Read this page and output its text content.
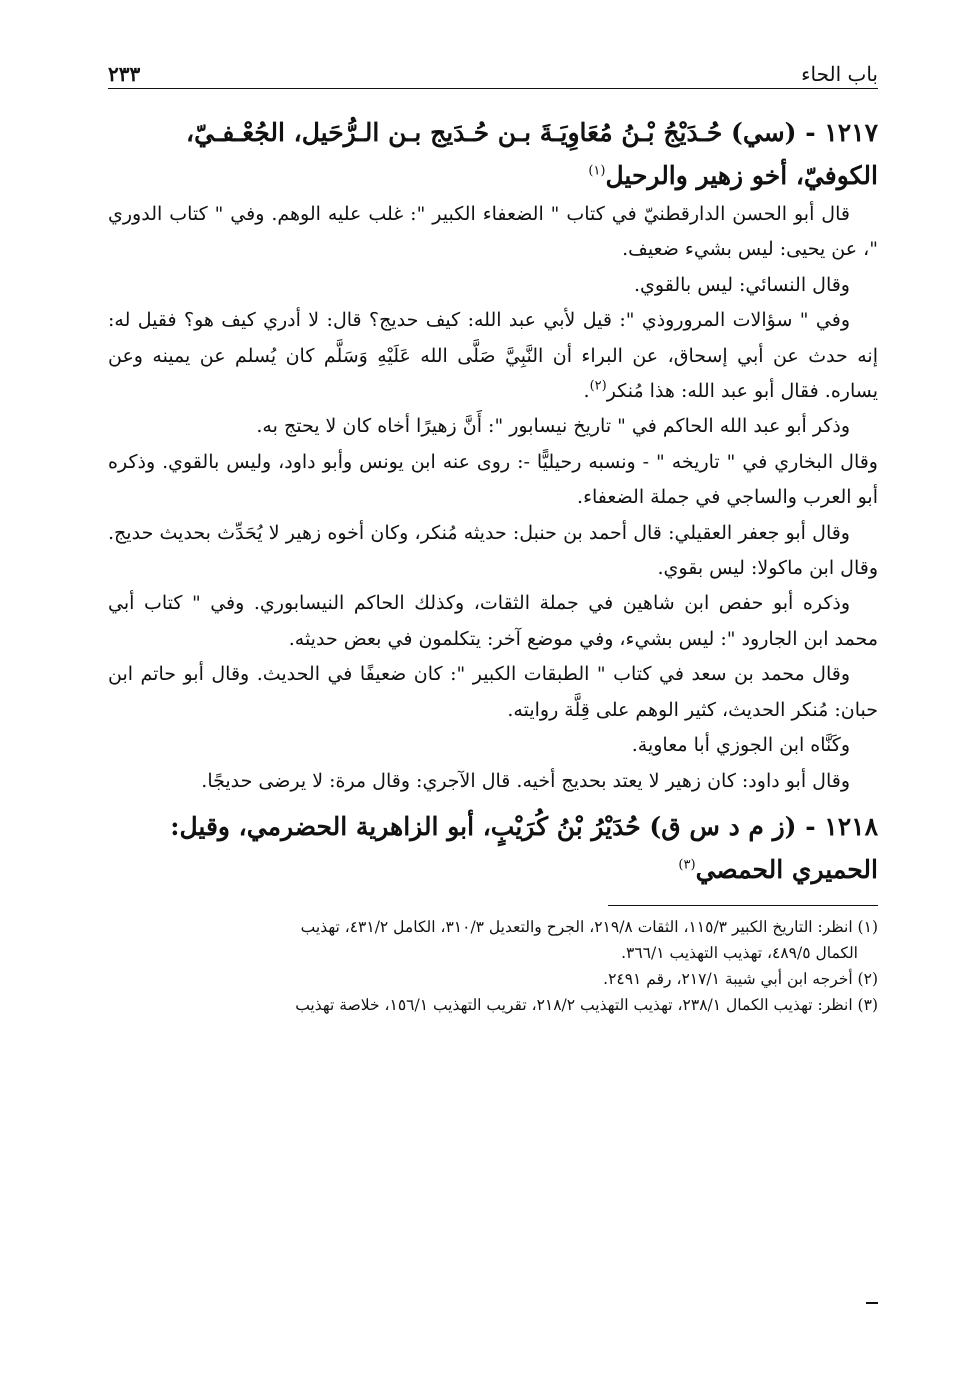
باب الحاء
٢٣٣
١٢١٧ - (سي) حُـدَيْجُ بْـنُ مُعَاوِيَـةَ بـن حُـدَيج بـن الـرُّحَيل، الجُعْـفـيّ،
الكوفيّ، أخو زهير والرحيل$^{(١)}$

قال أبو الحسن الدارقطنيّ في كتاب " الضعفاء الكبير ": غلب عليه الوهم. وفي " كتاب الدوري "، عن يحيى: ليس بشيء ضعيف.

وقال النسائي: ليس بالقوي.

وفي " سؤالات المروروذي ": قيل لأبي عبد الله: كيف حديج؟ قال: لا أدري كيف هو؟ فقيل له: إنه حدث عن أبي إسحاق، عن البراء أن النَّبِيَّ صَلَّى الله عَلَيْهِ وَسَلَّم كان يُسلم عن يمينه وعن يساره. فقال أبو عبد الله: هذا مُنكر$^{(٢)}$.

وذكر أبو عبد الله الحاكم في " تاريخ نيسابور ": أَنَّ زهيرًا أخاه كان لا يحتج به.

وقال البخاري في " تاريخه " - ونسبه رحيليًّا -: روى عنه ابن يونس وأبو داود، وليس بالقوي. وذكره أبو العرب والساجي في جملة الضعفاء.

وقال أبو جعفر العقيلي: قال أحمد بن حنبل: حديثه مُنكر، وكان أخوه زهير لا يُحَدِّث بحديث حديج. وقال ابن ماكولا: ليس بقوي.

وذكره أبو حفص ابن شاهين في جملة الثقات، وكذلك الحاكم النيسابوري. وفي " كتاب أبي محمد ابن الجارود ": ليس بشيء، وفي موضع آخر: يتكلمون في بعض حديثه.

وقال محمد بن سعد في كتاب " الطبقات الكبير ": كان ضعيفًا في الحديث. وقال أبو حاتم ابن حبان: مُنكر الحديث، كثير الوهم على قِلَّة روايته.

وكَنَّاه ابن الجوزي أبا معاوية.

وقال أبو داود: كان زهير لا يعتد بحديج أخيه. قال الآجري: وقال مرة: لا يرضى حديجًا.

١٢١٨ - (ز م د س ق) حُدَيْرُ بْنُ كُرَيْبٍ، أبو الزاهرية الحضرمي، وقيل:
الحميري الحمصي$^{(٣)}$

(١) انظر: التاريخ الكبير ١١٥/٣، الثقات ٢١٩/٨، الجرح والتعديل ٣١٠/٣، الكامل ٤٣١/٢، تهذيب

الكمال ٤٨٩/٥، تهذيب التهذيب ٣٦٦/١.

(٢) أخرجه ابن أبي شيبة ٢١٧/١، رقم ٢٤٩١.

(٣) انظر: تهذيب الكمال ٢٣٨/١، تهذيب التهذيب ٢١٨/٢، تقريب التهذيب ١٥٦/١، خلاصة تهذيب
